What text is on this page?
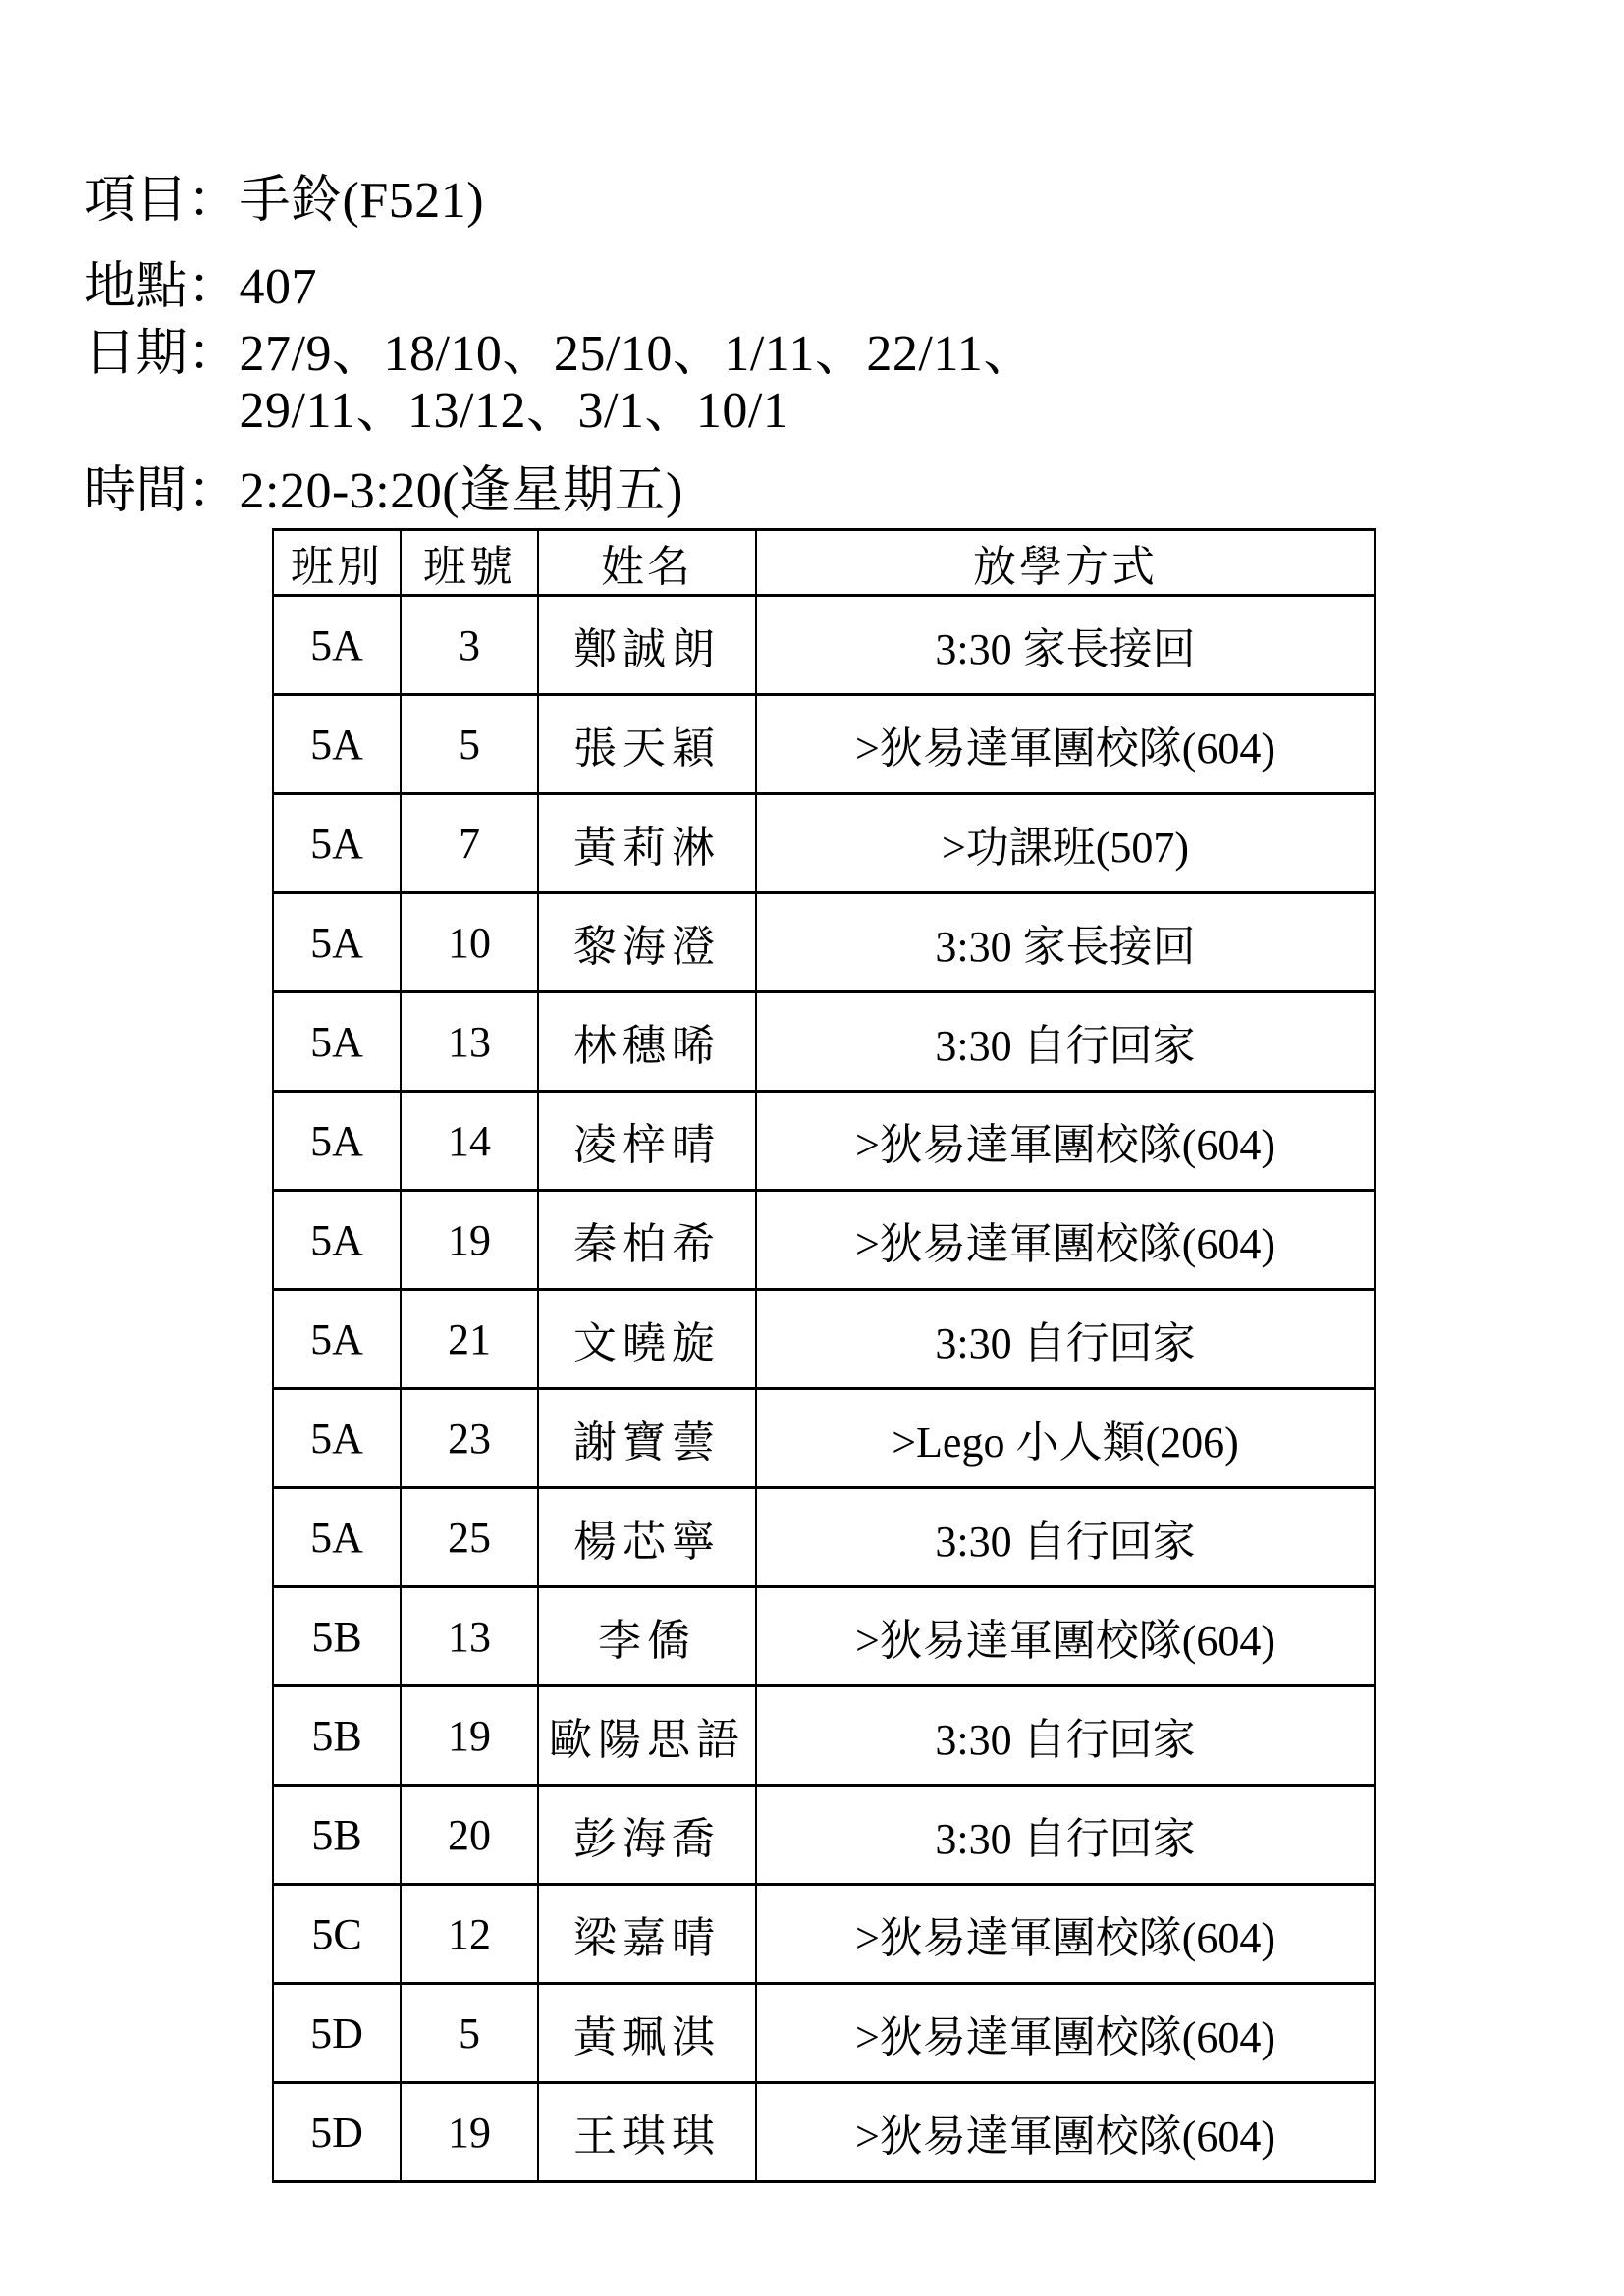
項目：手鈴(F521)

地點：407

日期：27/9、18/10、25/10、1/11、22/11、

29/11、13/12、3/1、10/1

時間：2:20-3:20(逢星期五)

班別	班號	姓名	放學方式
5A	3	鄭誠朗	3:30 家長接回
5A	5	張天穎	>狄易達軍團校隊(604)
5A	7	黃莉淋	>功課班(507)
5A	10	黎海澄	3:30 家長接回
5A	13	林穗晞	3:30 自行回家
5A	14	凌梓晴	>狄易達軍團校隊(604)
5A	19	秦柏希	>狄易達軍團校隊(604)
5A	21	文曉旋	3:30 自行回家
5A	23	謝寶蕓	>Lego 小人類(206)
5A	25	楊芯寧	3:30 自行回家
5B	13	李僑	>狄易達軍團校隊(604)
5B	19	歐陽思語	3:30 自行回家
5B	20	彭海喬	3:30 自行回家
5C	12	梁嘉晴	>狄易達軍團校隊(604)
5D	5	黃珮淇	>狄易達軍團校隊(604)
5D	19	王琪琪	>狄易達軍團校隊(604)
